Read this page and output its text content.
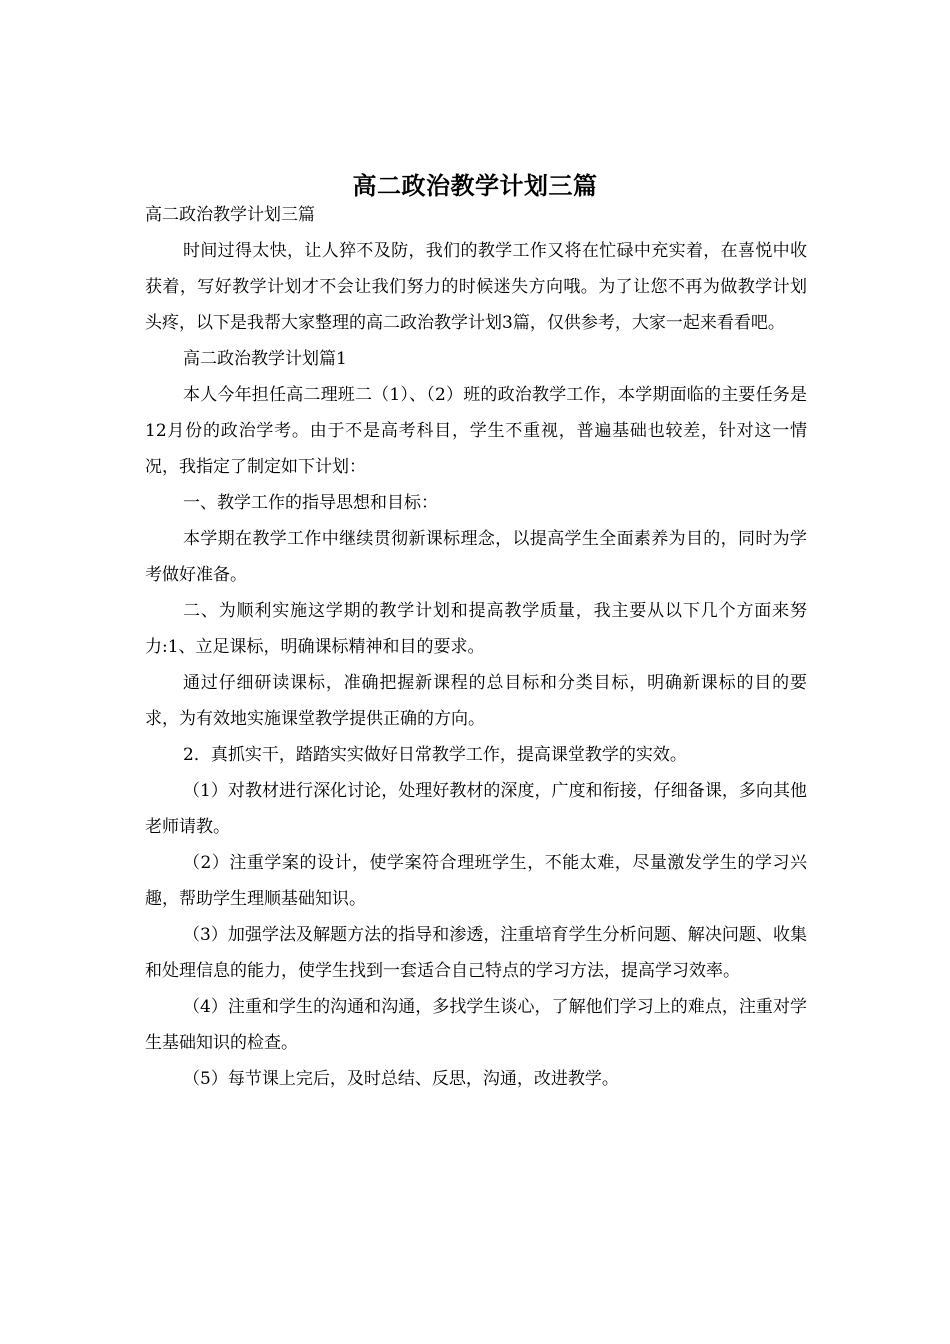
高二政治教学计划三篇

高二政治教学计划三篇

时间过得太快，让人猝不及防，我们的教学工作又将在忙碌中充实着，在喜悦中收获着，写好教学计划才不会让我们努力的时候迷失方向哦。为了让您不再为做教学计划头疼，以下是我帮大家整理的高二政治教学计划3篇，仅供参考，大家一起来看看吧。

高二政治教学计划篇1

本人今年担任高二理班二（1）、（2）班的政治教学工作，本学期面临的主要任务是12月份的政治学考。由于不是高考科目，学生不重视，普遍基础也较差，针对这一情况，我指定了制定如下计划：

一、教学工作的指导思想和目标：

本学期在教学工作中继续贯彻新课标理念，以提高学生全面素养为目的，同时为学考做好准备。

二、为顺利实施这学期的教学计划和提高教学质量，我主要从以下几个方面来努力:1、立足课标，明确课标精神和目的要求。

通过仔细研读课标，准确把握新课程的总目标和分类目标，明确新课标的目的要求，为有效地实施课堂教学提供正确的方向。

2．真抓实干，踏踏实实做好日常教学工作，提高课堂教学的实效。

（1）对教材进行深化讨论，处理好教材的深度，广度和衔接，仔细备课，多向其他老师请教。

（2）注重学案的设计，使学案符合理班学生，不能太难，尽量激发学生的学习兴趣，帮助学生理顺基础知识。

（3）加强学法及解题方法的指导和渗透，注重培育学生分析问题、解决问题、收集和处理信息的能力，使学生找到一套适合自己特点的学习方法，提高学习效率。

（4）注重和学生的沟通和沟通，多找学生谈心，了解他们学习上的难点，注重对学生基础知识的检查。

（5）每节课上完后，及时总结、反思，沟通，改进教学。
